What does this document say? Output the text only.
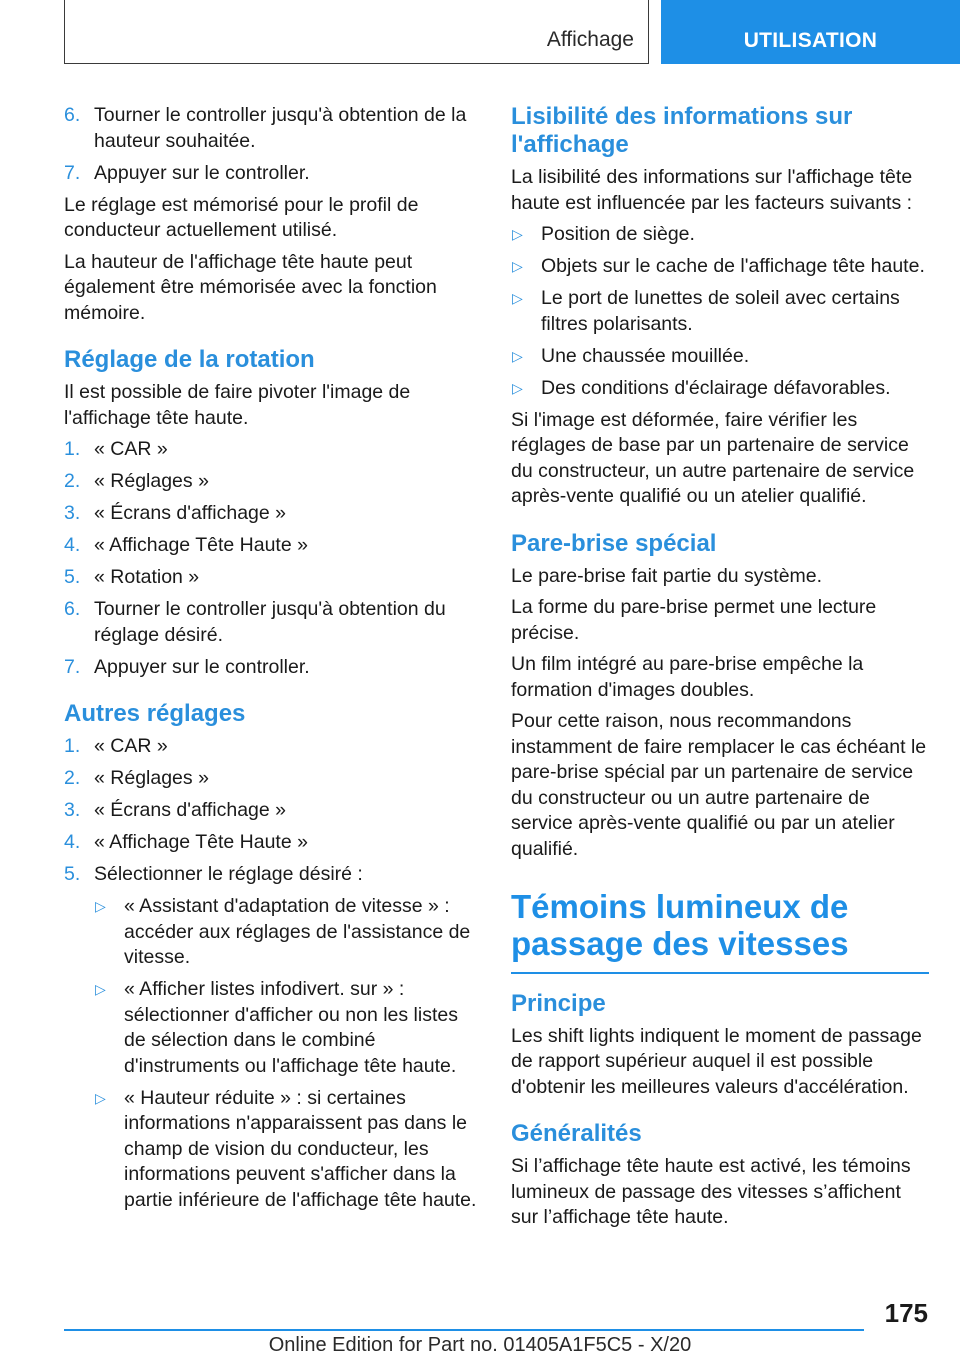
Affichage	UTILISATION
6. Tourner le controller jusqu'à obtention de la hauteur souhaitée.
7. Appuyer sur le controller.

Le réglage est mémorisé pour le profil de conducteur actuellement utilisé.

La hauteur de l'affichage tête haute peut également être mémorisée avec la fonction mémoire.

Réglage de la rotation

Il est possible de faire pivoter l'image de l'affichage tête haute.

1. « CAR »
2. « Réglages »
3. « Écrans d'affichage »
4. « Affichage Tête Haute »
5. « Rotation »
6. Tourner le controller jusqu'à obtention du réglage désiré.
7. Appuyer sur le controller.
Autres réglages
1. « CAR »
2. « Réglages »
3. « Écrans d'affichage »
4. « Affichage Tête Haute »
5. Sélectionner le réglage désiré :
▷ « Assistant d'adaptation de vitesse » : accéder aux réglages de l'assistance de vitesse.
▷ « Afficher listes infodivert. sur » : sélectionner d'afficher ou non les listes de sélection dans le combiné d'instruments ou l'affichage tête haute.
▷ « Hauteur réduite » : si certaines informations n'apparaissent pas dans le champ de vision du conducteur, les informations peuvent s'afficher dans la partie inférieure de l'affichage tête haute.
Lisibilité des informations sur l'affichage

La lisibilité des informations sur l'affichage tête haute est influencée par les facteurs suivants :

▷ Position de siège.
▷ Objets sur le cache de l'affichage tête haute.
▷ Le port de lunettes de soleil avec certains filtres polarisants.
▷ Une chaussée mouillée.
▷ Des conditions d'éclairage défavorables.

Si l'image est déformée, faire vérifier les réglages de base par un partenaire de service du constructeur, un autre partenaire de service après-vente qualifié ou un atelier qualifié.

Pare-brise spécial

Le pare-brise fait partie du système.

La forme du pare-brise permet une lecture précise.

Un film intégré au pare-brise empêche la formation d'images doubles.

Pour cette raison, nous recommandons instamment de faire remplacer le cas échéant le pare-brise spécial par un partenaire de service du constructeur ou un autre partenaire de service après-vente qualifié ou par un atelier qualifié.

Témoins lumineux de passage des vitesses
Principe

Les shift lights indiquent le moment de passage de rapport supérieur auquel il est possible d'obtenir les meilleures valeurs d'accélération.

Généralités

Si l’affichage tête haute est activé, les témoins lumineux de passage des vitesses s’affichent sur l’affichage tête haute.

175
Online Edition for Part no. 01405A1F5C5 - X/20
